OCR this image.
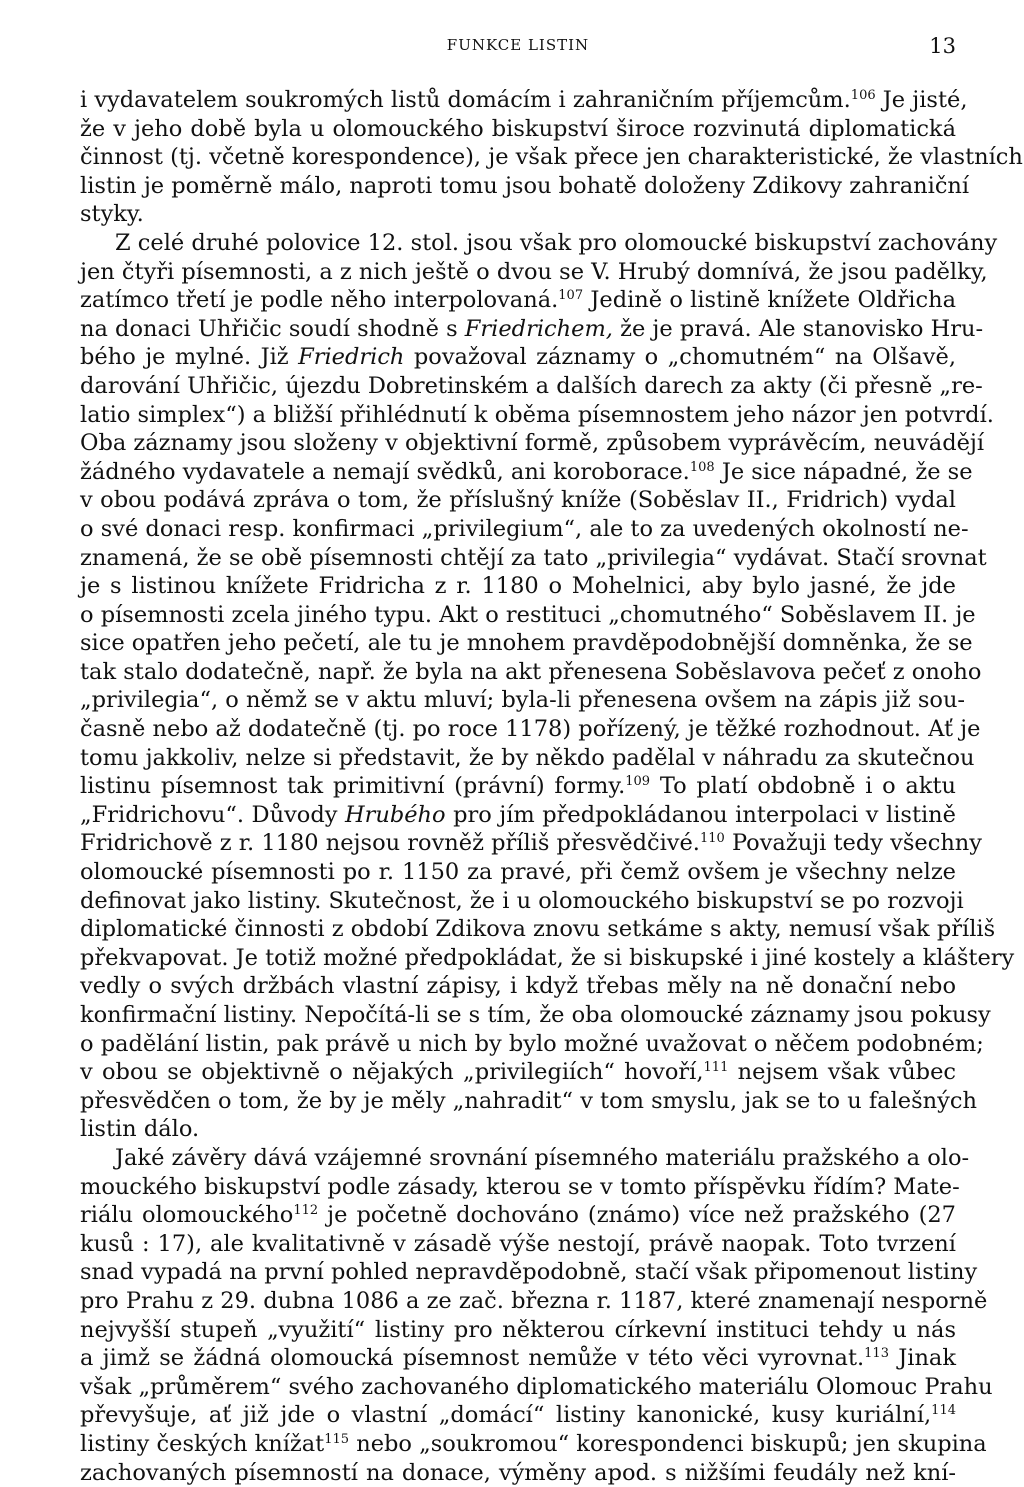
FUNKCE LISTIN	13
i vydavatelem soukromých listů domácím i zahraničním příjemcům.$^{106}$ Je jisté,
že v jeho době byla u olomouckého biskupství široce rozvinutá diplomatická
činnost (tj. včetně korespondence), je však přece jen charakteristické, že vlastních
listin je poměrně málo, naproti tomu jsou bohatě doloženy Zdikovy zahraniční
styky.
Z celé druhé polovice 12. stol. jsou však pro olomoucké biskupství zachovány
jen čtyři písemnosti, a z nich ještě o dvou se V. Hrubý domnívá, že jsou padělky,
zatímco třetí je podle něho interpolovaná.$^{107}$ Jedině o listině knížete Oldřicha
na donaci Uhřičic soudí shodně s Friedrichem, že je pravá. Ale stanovisko Hru-
bého je mylné. Již Friedrich považoval záznamy o „chomutném“ na Olšavě,
darování Uhřičic, újezdu Dobretinském a dalších darech za akty (či přesně „re-
latio simplex“) a bližší přihlédnutí k oběma písemnostem jeho názor jen potvrdí.
Oba záznamy jsou složeny v objektivní formě, způsobem vyprávěcím, neuvádějí
žádného vydavatele a nemají svědků, ani koroborace.$^{108}$ Je sice nápadné, že se
v obou podává zpráva o tom, že příslušný kníže (Soběslav II., Fridrich) vydal
o své donaci resp. konfirmaci „privilegium“, ale to za uvedených okolností ne-
znamená, že se obě písemnosti chtějí za tato „privilegia“ vydávat. Stačí srovnat
je s listinou knížete Fridricha z r. 1180 o Mohelnici, aby bylo jasné, že jde
o písemnosti zcela jiného typu. Akt o restituci „chomutného“ Soběslavem II. je
sice opatřen jeho pečetí, ale tu je mnohem pravděpodobnější domněnka, že se
tak stalo dodatečně, např. že byla na akt přenesena Soběslavova pečeť z onoho
„privilegia“, o němž se v aktu mluví; byla-li přenesena ovšem na zápis již sou-
časně nebo až dodatečně (tj. po roce 1178) pořízený, je těžké rozhodnout. Ať je
tomu jakkoliv, nelze si představit, že by někdo padělal v náhradu za skutečnou
listinu písemnost tak primitivní (právní) formy.$^{109}$ To platí obdobně i o aktu
„Fridrichovu“. Důvody Hrubého pro jím předpokládanou interpolaci v listině
Fridrichově z r. 1180 nejsou rovněž příliš přesvědčivé.$^{110}$ Považuji tedy všechny
olomoucké písemnosti po r. 1150 za pravé, při čemž ovšem je všechny nelze
definovat jako listiny. Skutečnost, že i u olomouckého biskupství se po rozvoji
diplomatické činnosti z období Zdikova znovu setkáme s akty, nemusí však příliš
překvapovat. Je totiž možné předpokládat, že si biskupské i jiné kostely a kláštery
vedly o svých držbách vlastní zápisy, i když třebas měly na ně donační nebo
konfirmační listiny. Nepočítá-li se s tím, že oba olomoucké záznamy jsou pokusy
o padělání listin, pak právě u nich by bylo možné uvažovat o něčem podobném;
v obou se objektivně o nějakých „privilegiích“ hovoří,$^{111}$ nejsem však vůbec
přesvědčen o tom, že by je měly „nahradit“ v tom smyslu, jak se to u falešných
listin dálo.
Jaké závěry dává vzájemné srovnání písemného materiálu pražského a olo-
mouckého biskupství podle zásady, kterou se v tomto příspěvku řídím? Mate-
riálu olomouckého$^{112}$ je početně dochováno (známo) více než pražského (27
kusů : 17), ale kvalitativně v zásadě výše nestojí, právě naopak. Toto tvrzení
snad vypadá na první pohled nepravděpodobně, stačí však připomenout listiny
pro Prahu z 29. dubna 1086 a ze zač. března r. 1187, které znamenají nesporně
nejvyšší stupeň „využití“ listiny pro některou církevní instituci tehdy u nás
a jimž se žádná olomoucká písemnost nemůže v této věci vyrovnat.$^{113}$ Jinak
však „průměrem“ svého zachovaného diplomatického materiálu Olomouc Prahu
převyšuje, ať již jde o vlastní „domácí“ listiny kanonické, kusy kuriální,$^{114}$
listiny českých knížat$^{115}$ nebo „soukromou“ korespondenci biskupů; jen skupina
zachovaných písemností na donace, výměny apod. s nižšími feudály než kní-
